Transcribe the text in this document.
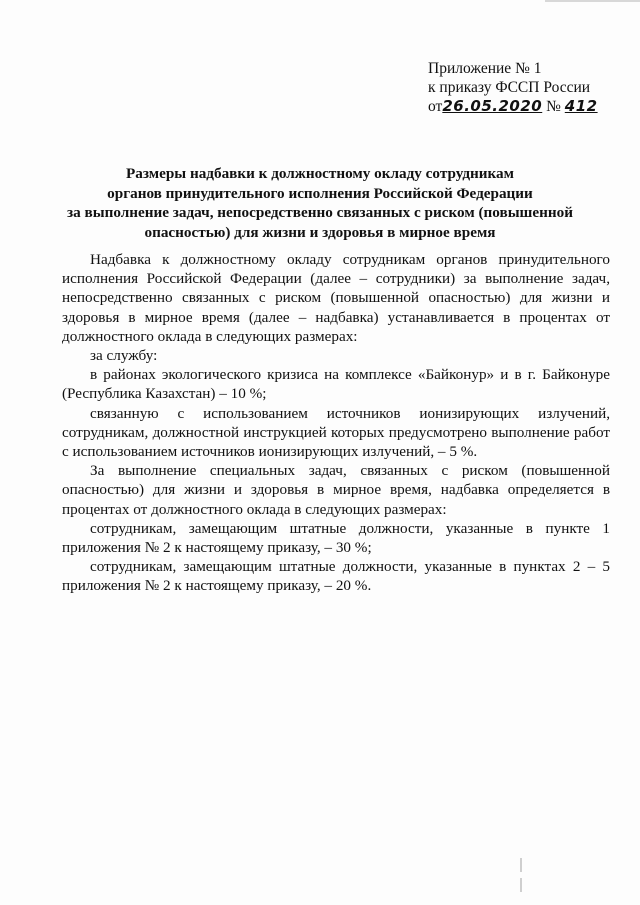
Приложение № 1
к приказу ФССП России
от26.05.2020 № 412
Размеры надбавки к должностному окладу сотрудникам
органов принудительного исполнения Российской Федерации
за выполнение задач, непосредственно связанных с риском (повышенной
опасностью) для жизни и здоровья в мирное время

Надбавка к должностному окладу сотрудникам органов принудительного исполнения Российской Федерации (далее – сотрудники) за выполнение задач, непосредственно связанных с риском (повышенной опасностью) для жизни и здоровья в мирное время (далее – надбавка) устанавливается в процентах от должностного оклада в следующих размерах:

за службу:

в районах экологического кризиса на комплексе «Байконур» и в г. Байконуре (Республика Казахстан) – 10 %;

связанную с использованием источников ионизирующих излучений, сотрудникам, должностной инструкцией которых предусмотрено выполнение работ с использованием источников ионизирующих излучений, – 5 %.

За выполнение специальных задач, связанных с риском (повышенной опасностью) для жизни и здоровья в мирное время, надбавка определяется в процентах от должностного оклада в следующих размерах:

сотрудникам, замещающим штатные должности, указанные в пункте 1 приложения № 2 к настоящему приказу, – 30 %;

сотрудникам, замещающим штатные должности, указанные в пунктах 2 – 5 приложения № 2 к настоящему приказу, – 20 %.
